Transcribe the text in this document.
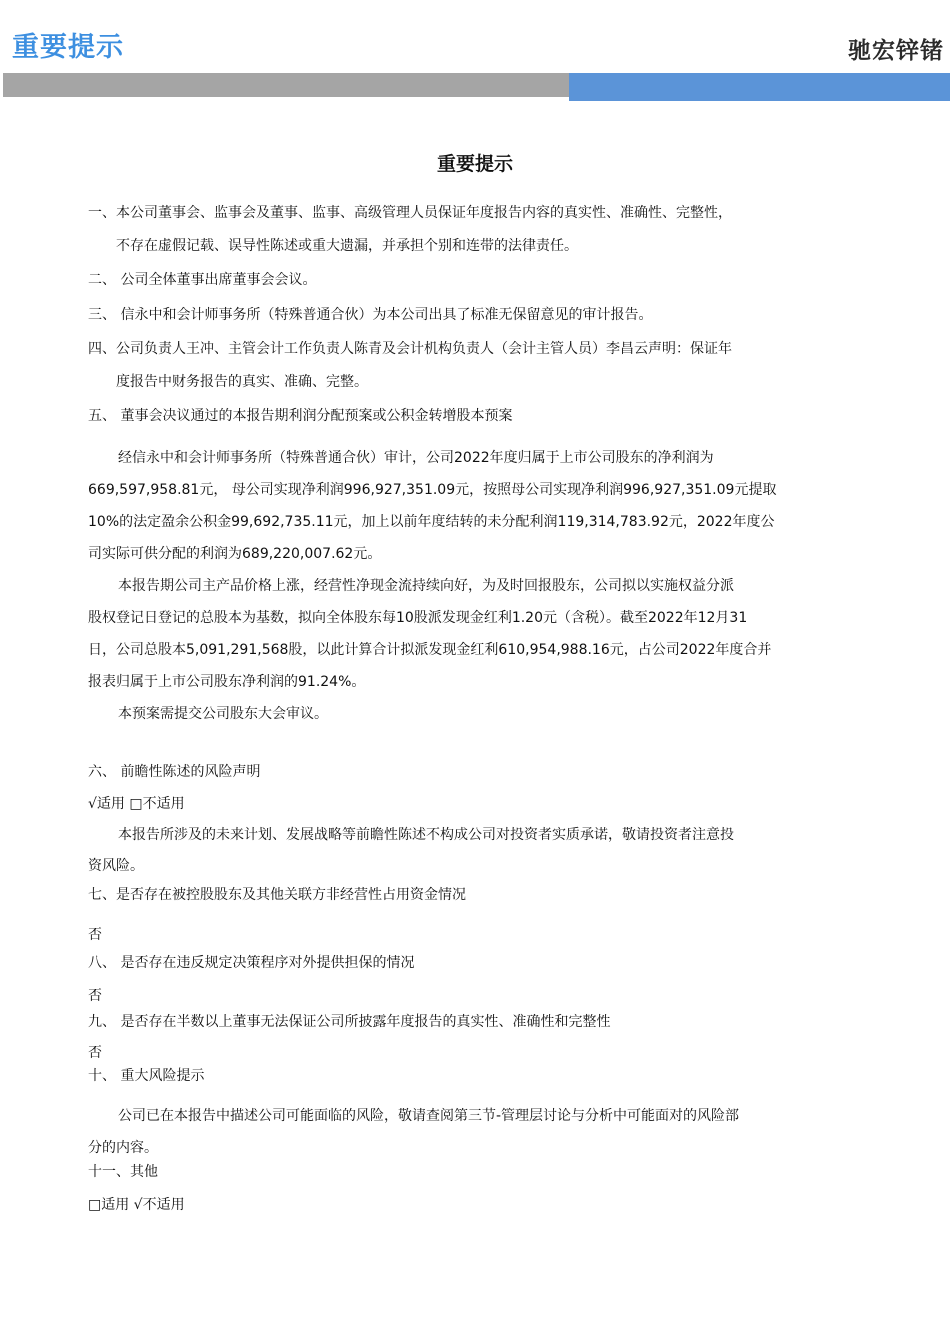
重要提示	驰宏锌锗
重要提示
一、本公司董事会、监事会及董事、监事、高级管理人员保证年度报告内容的真实性、准确性、完整性，
不存在虚假记载、误导性陈述或重大遗漏，并承担个别和连带的法律责任。
二、 公司全体董事出席董事会会议。
三、 信永中和会计师事务所（特殊普通合伙）为本公司出具了标准无保留意见的审计报告。
四、公司负责人王冲、主管会计工作负责人陈青及会计机构负责人（会计主管人员）李昌云声明：保证年
度报告中财务报告的真实、准确、完整。
五、 董事会决议通过的本报告期利润分配预案或公积金转增股本预案
经信永中和会计师事务所（特殊普通合伙）审计，公司2022年度归属于上市公司股东的净利润为
669,597,958.81元， 母公司实现净利润996,927,351.09元，按照母公司实现净利润996,927,351.09元提取
10%的法定盈余公积金99,692,735.11元，加上以前年度结转的未分配利润119,314,783.92元，2022年度公
司实际可供分配的利润为689,220,007.62元。
本报告期公司主产品价格上涨，经营性净现金流持续向好，为及时回报股东，公司拟以实施权益分派
股权登记日登记的总股本为基数，拟向全体股东每10股派发现金红利1.20元（含税）。截至2022年12月31
日，公司总股本5,091,291,568股，以此计算合计拟派发现金红利610,954,988.16元，占公司2022年度合并
报表归属于上市公司股东净利润的91.24%。
本预案需提交公司股东大会审议。
六、 前瞻性陈述的风险声明
√适用 □不适用
本报告所涉及的未来计划、发展战略等前瞻性陈述不构成公司对投资者实质承诺，敬请投资者注意投
资风险。
七、是否存在被控股股东及其他关联方非经营性占用资金情况
否
八、 是否存在违反规定决策程序对外提供担保的情况
否
九、 是否存在半数以上董事无法保证公司所披露年度报告的真实性、准确性和完整性
否
十、 重大风险提示
公司已在本报告中描述公司可能面临的风险，敬请查阅第三节-管理层讨论与分析中可能面对的风险部
分的内容。
十一、其他
□适用 √不适用
